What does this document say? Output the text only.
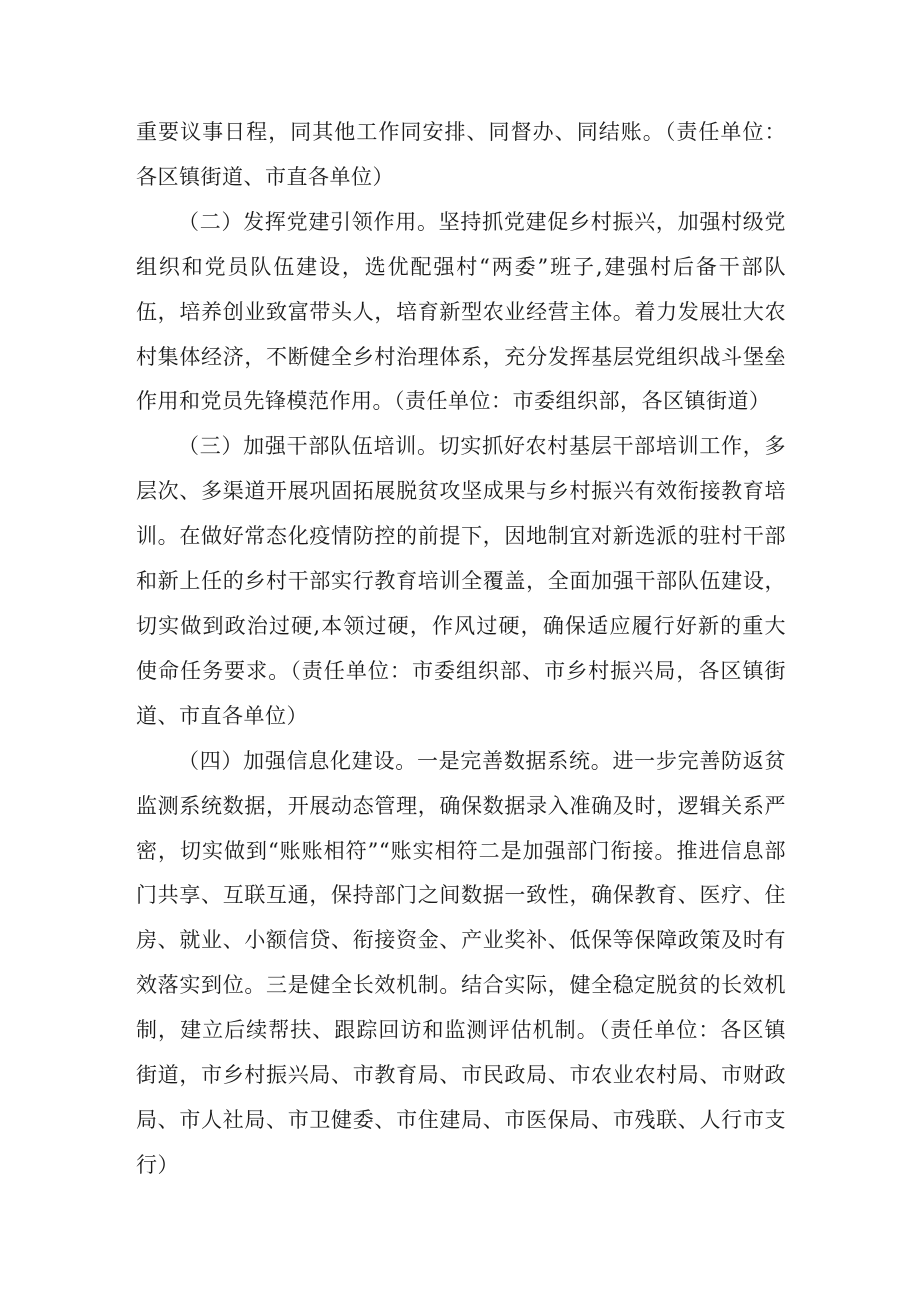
重要议事日程，同其他工作同安排、同督办、同结账。（责任单位：各区镇街道、市直各单位）

（二）发挥党建引领作用。坚持抓党建促乡村振兴，加强村级党组织和党员队伍建设，选优配强村“两委”班子,建强村后备干部队伍，培养创业致富带头人，培育新型农业经营主体。着力发展壮大农村集体经济，不断健全乡村治理体系，充分发挥基层党组织战斗堡垒作用和党员先锋模范作用。（责任单位：市委组织部，各区镇街道）

（三）加强干部队伍培训。切实抓好农村基层干部培训工作，多层次、多渠道开展巩固拓展脱贫攻坚成果与乡村振兴有效衔接教育培训。在做好常态化疫情防控的前提下，因地制宜对新选派的驻村干部和新上任的乡村干部实行教育培训全覆盖，全面加强干部队伍建设，切实做到政治过硬,本领过硬，作风过硬，确保适应履行好新的重大使命任务要求。（责任单位：市委组织部、市乡村振兴局，各区镇街道、市直各单位）

（四）加强信息化建设。一是完善数据系统。进一步完善防返贫监测系统数据，开展动态管理，确保数据录入准确及时，逻辑关系严密，切实做到“账账相符”“账实相符二是加强部门衔接。推进信息部门共享、互联互通，保持部门之间数据一致性，确保教育、医疗、住房、就业、小额信贷、衔接资金、产业奖补、低保等保障政策及时有效落实到位。三是健全长效机制。结合实际，健全稳定脱贫的长效机制，建立后续帮扶、跟踪回访和监测评估机制。（责任单位：各区镇街道，市乡村振兴局、市教育局、市民政局、市农业农村局、市财政局、市人社局、市卫健委、市住建局、市医保局、市残联、人行市支行）
